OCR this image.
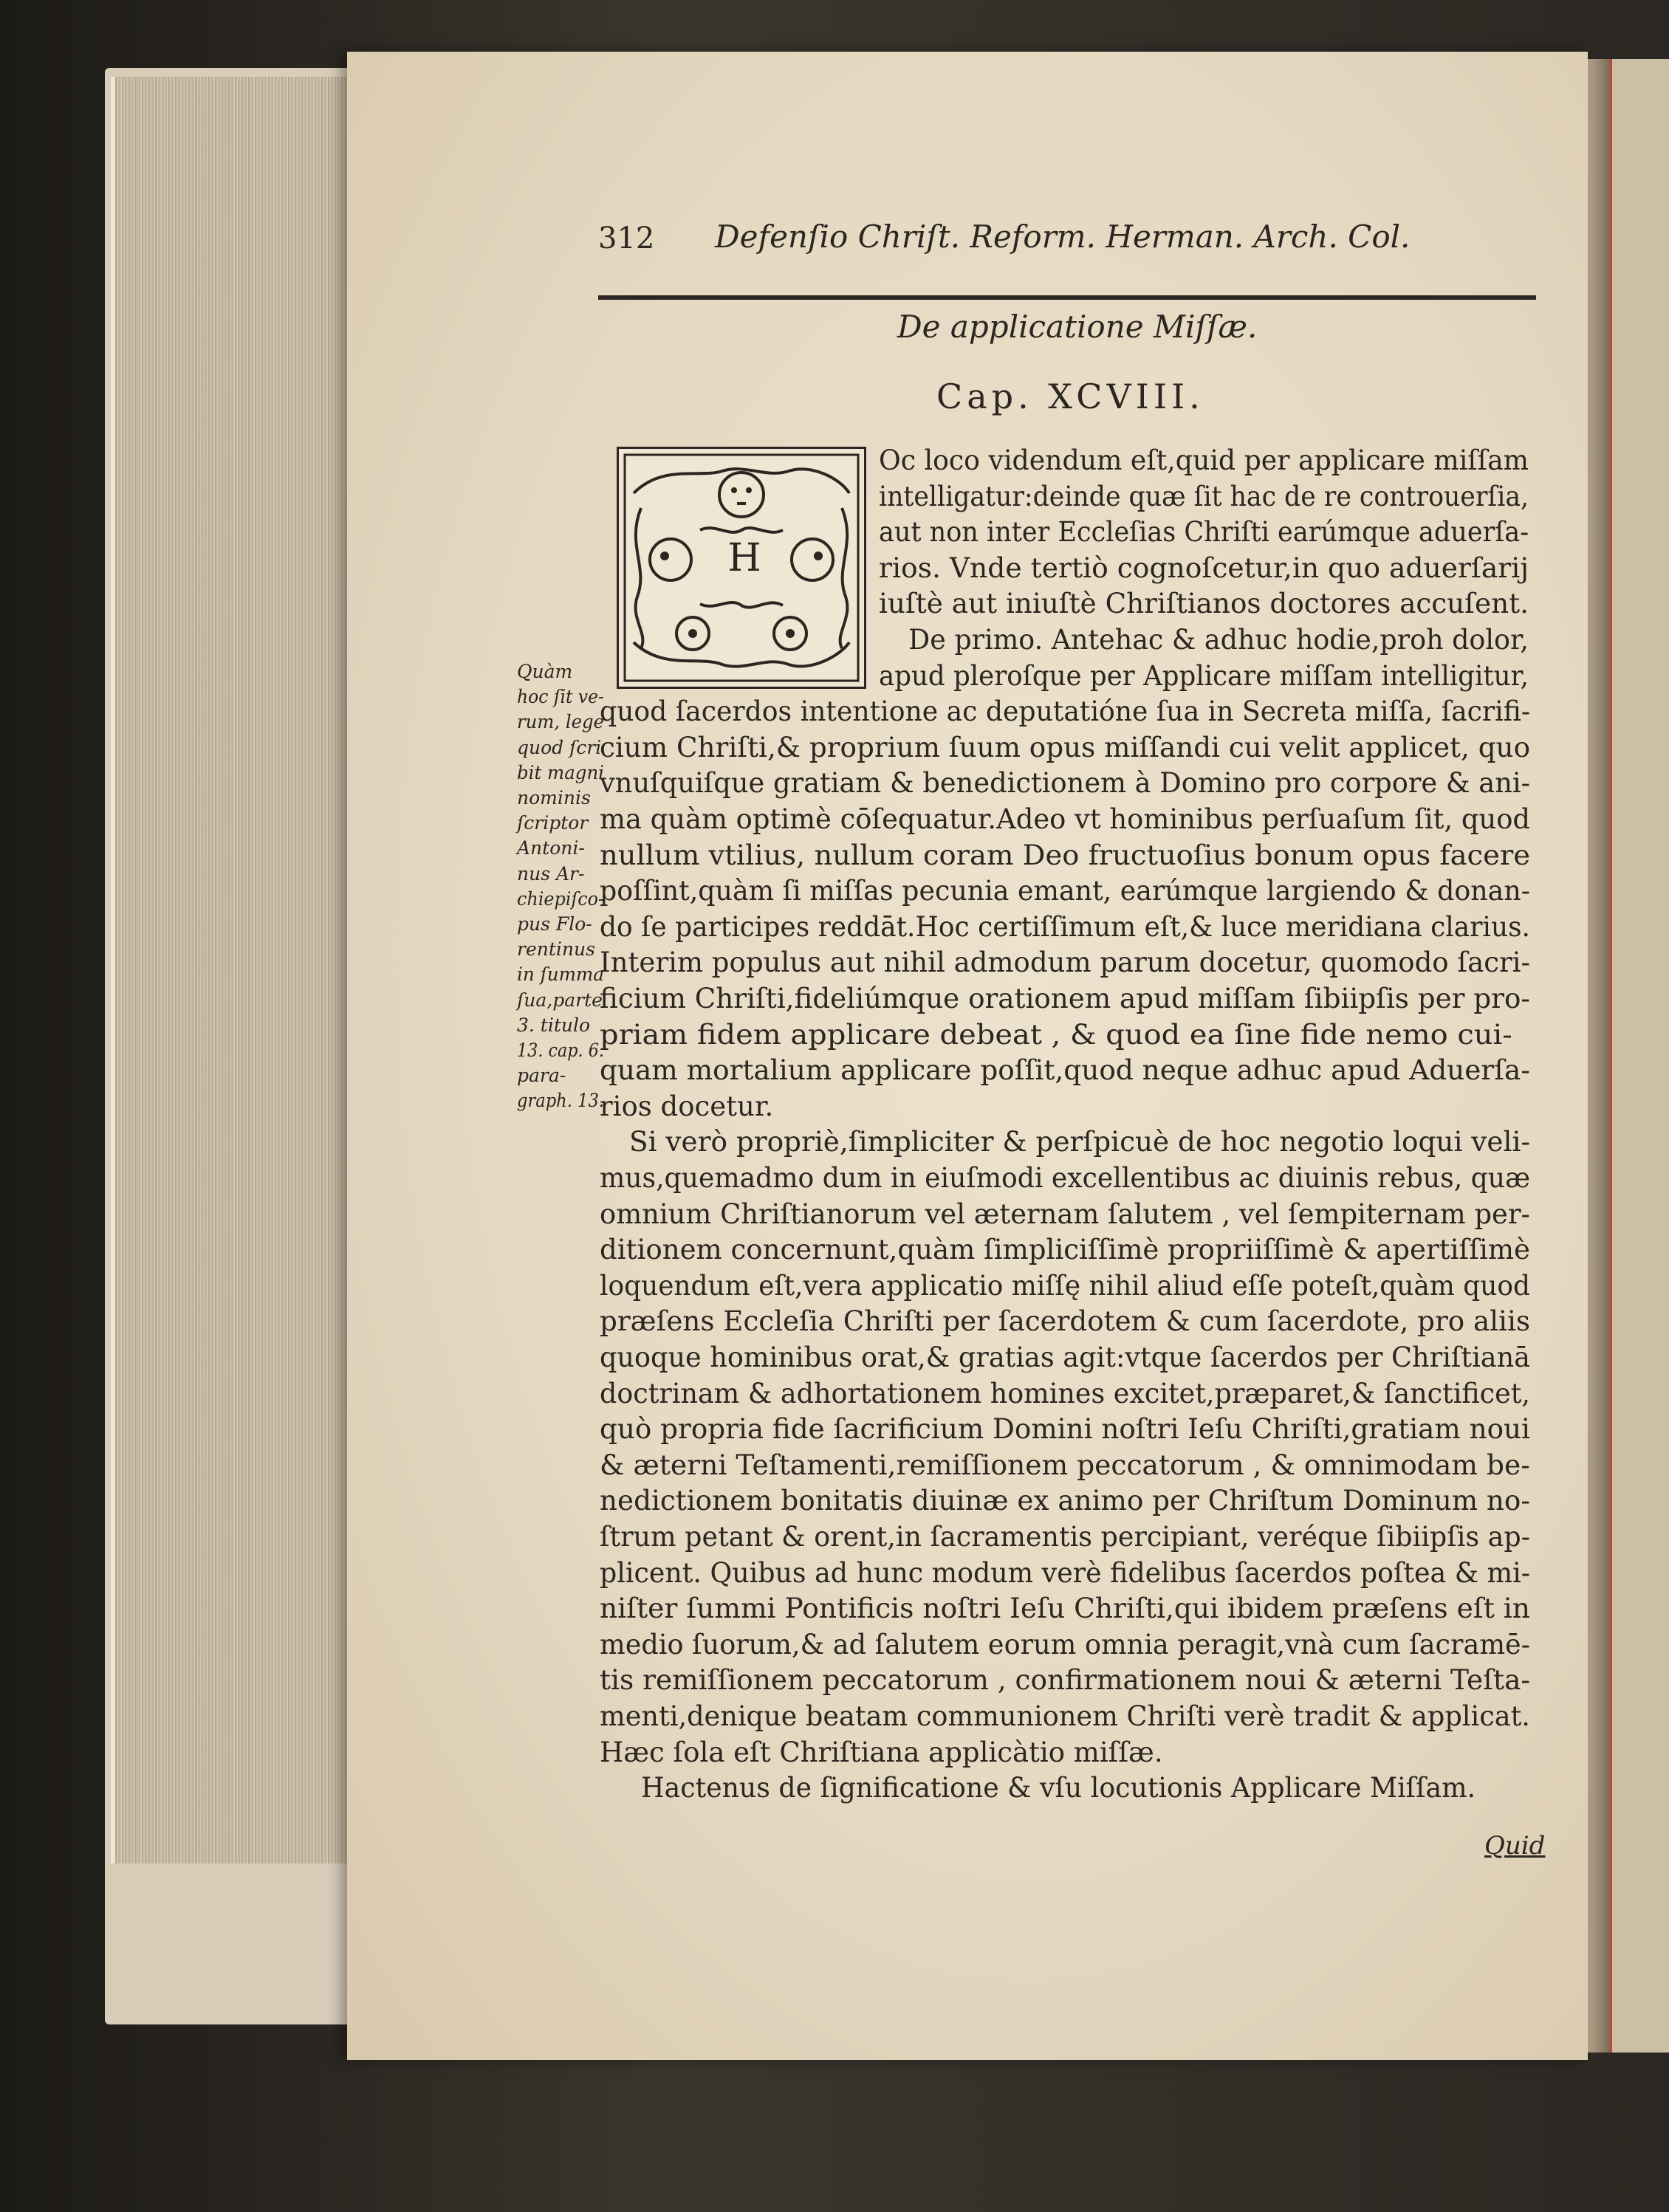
312 Defenſio Chriſt. Reform. Herman. Arch. Col.
De applicatione Miſſæ.
Cap. XCVIII.
H
Oc loco videndum eſt,quid per applicare miſſam
intelligatur:deinde quæ ſit hac de re controuerſia,
aut non inter Eccleſias Chriſti earúmque aduerſa-
rios. Vnde tertiò cognoſcetur,in quo aduerſarij
iuſtè aut iniuſtè Chriſtianos doctores accuſent.
De primo. Antehac & adhuc hodie,proh dolor,
apud pleroſque per Applicare miſſam intelligitur,
quod ſacerdos intentione ac deputatióne ſua in Secreta miſſa, ſacrifi-
cium Chriſti,& proprium ſuum opus miſſandi cui velit applicet, quo
vnuſquiſque gratiam & benedictionem à Domino pro corpore & ani-
ma quàm optimè cōſequatur.Adeo vt hominibus perſuaſum ſit, quod
nullum vtilius, nullum coram Deo fructuoſius bonum opus facere
poſſint,quàm ſi miſſas pecunia emant, earúmque largiendo & donan-
do ſe participes reddāt.Hoc certiſſimum eſt,& luce meridiana clarius.
Interim populus aut nihil admodum parum docetur, quomodo ſacri-
ficium Chriſti,fideliúmque orationem apud miſſam ſibiipſis per pro-
priam fidem applicare debeat , & quod ea ſine fide nemo cui-
quam mortalium applicare poſſit,quod neque adhuc apud Aduerſa-
rios docetur.
Si verò propriè,ſimpliciter & perſpicuè de hoc negotio loqui veli-
mus,quemadmo dum in eiuſmodi excellentibus ac diuinis rebus, quæ
omnium Chriſtianorum vel æternam ſalutem , vel ſempiternam per-
ditionem concernunt,quàm ſimpliciſſimè propriiſſimè & apertiſſimè
loquendum eſt,vera applicatio miſſę nihil aliud eſſe poteſt,quàm quod
præſens Eccleſia Chriſti per ſacerdotem & cum ſacerdote, pro aliis
quoque hominibus orat,& gratias agit:vtque ſacerdos per Chriſtianā
doctrinam & adhortationem homines excitet,præparet,& ſanctificet,
quò propria fide ſacrificium Domini noſtri Ieſu Chriſti,gratiam noui
& æterni Teſtamenti,remiſſionem peccatorum , & omnimodam be-
nedictionem bonitatis diuinæ ex animo per Chriſtum Dominum no-
ſtrum petant & orent,in ſacramentis percipiant, veréque ſibiipſis ap-
plicent. Quibus ad hunc modum verè fidelibus ſacerdos poſtea & mi-
niſter ſummi Pontificis noſtri Ieſu Chriſti,qui ibidem præſens eſt in
medio ſuorum,& ad ſalutem eorum omnia peragit,vnà cum ſacramē-
tis remiſſionem peccatorum , confirmationem noui & æterni Teſta-
menti,denique beatam communionem Chriſti verè tradit & applicat.
Hæc ſola eſt Chriſtiana applicàtio miſſæ.
Hactenus de ſignificatione & vſu locutionis Applicare Miſſam.
Quàm
hoc ſit ve-
rum, lege
quod ſcri
bit magni
nominis
ſcriptor
Antoni-
nus Ar-
chiepiſco-
pus Flo-
rentinus
in ſumma
ſua,parte
3. titulo
13. cap. 6.
para-
graph. 13.
Quid
